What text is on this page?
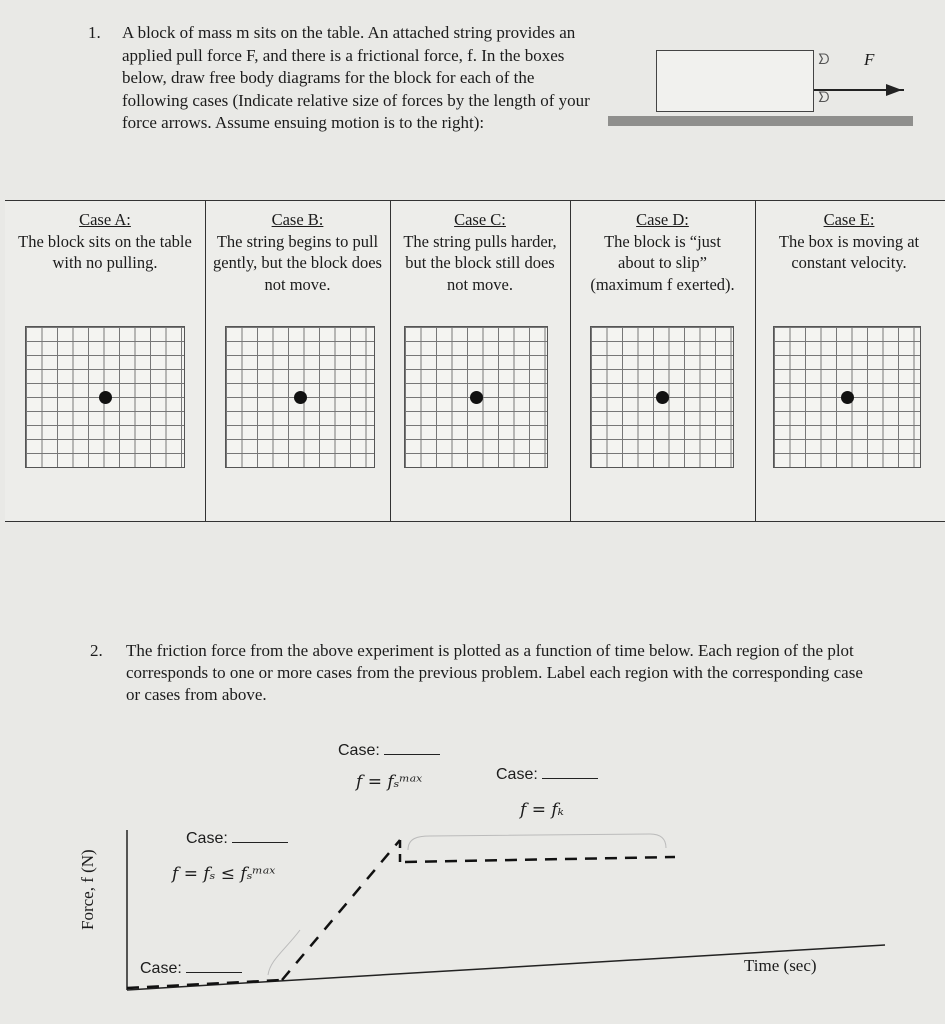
1. A block of mass m sits on the table. An attached string provides an applied pull force F, and there is a frictional force, f. In the boxes below, draw free body diagrams for the block for each of the following cases (Indicate relative size of forces by the length of your force arrows. Assume ensuing motion is to the right):
ᗤ
ᗤ
F
Case A:
The block sits on the table with no pulling.
Case B:
The string begins to pull gently, but the block does not move.
Case C:
The string pulls harder, but the block still does not move.
Case D:
The block is “just about to slip” (maximum f exerted).
Case E:
The box is moving at constant velocity.
2. The friction force from the above experiment is plotted as a function of time below. Each region of the plot corresponds to one or more cases from the previous problem. Label each region with the corresponding case or cases from above.
Case:
f = fₛᵐᵃˣ	Case:
f = fₖ
Case:
f = fₛ ≤ fₛᵐᵃˣ
Case:
Force, f (N)
Time (sec)
